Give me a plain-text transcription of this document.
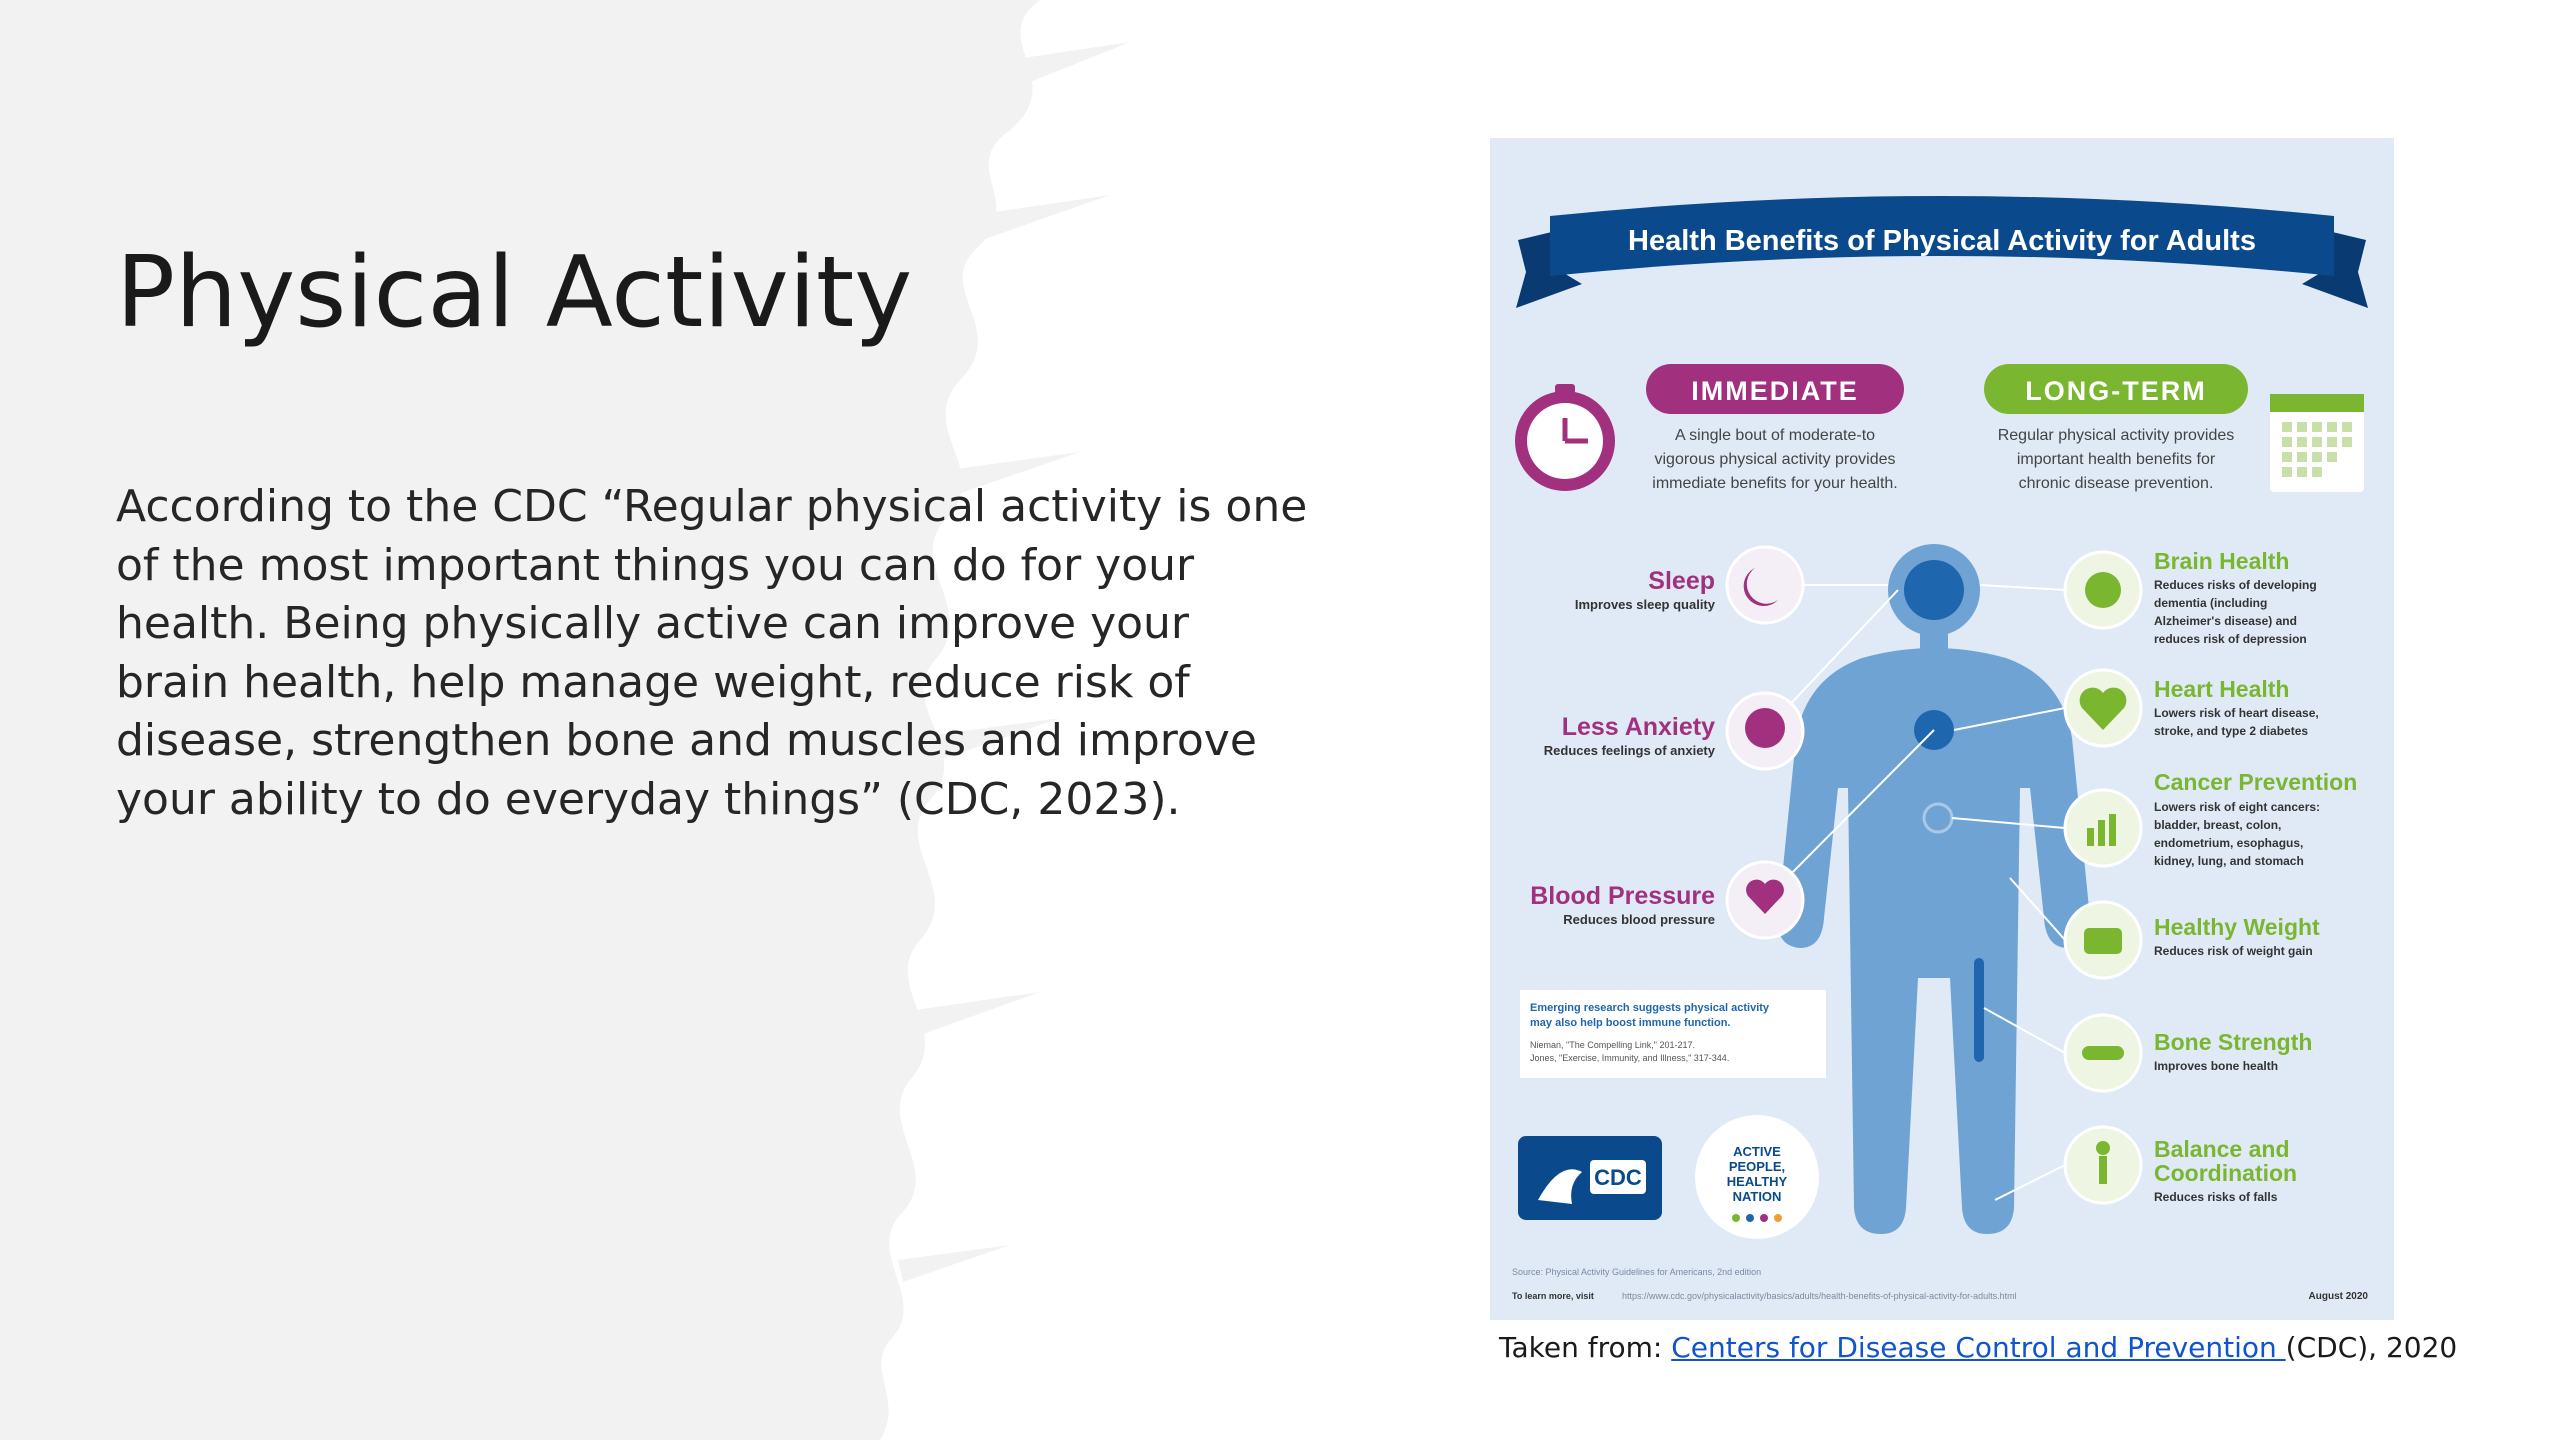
Physical Activity

According to the CDC “Regular physical activity is one of the most important things you can do for your health. Being physically active can improve your brain health, help manage weight, reduce risk of disease, strengthen bone and muscles and improve your ability to do everyday things” (CDC, 2023).

Health Benefits of Physical Activity for Adults
IMMEDIATE
A single bout of moderate-to
vigorous physical activity provides
immediate benefits for your health.
LONG-TERM
Regular physical activity provides
important health benefits for
chronic disease prevention.
Sleep
Improves sleep quality
Less Anxiety
Reduces feelings of anxiety
Blood Pressure
Reduces blood pressure
Brain Health
Reduces risks of developing
dementia (including
Alzheimer's disease) and
reduces risk of depression
Heart Health
Lowers risk of heart disease,
stroke, and type 2 diabetes
Cancer Prevention
Lowers risk of eight cancers:
bladder, breast, colon,
endometrium, esophagus,
kidney, lung, and stomach
Healthy Weight
Reduces risk of weight gain
Bone Strength
Improves bone health
Balance and
Coordination
Reduces risks of falls
Emerging research suggests physical activity
may also help boost immune function.
Nieman, "The Compelling Link," 201-217.
Jones, "Exercise, Immunity, and Illness," 317-344.
CDC
ACTIVE
PEOPLE,
HEALTHY
NATION
Source: Physical Activity Guidelines for Americans, 2nd edition
To learn more, visit	https://www.cdc.gov/physicalactivity/basics/adults/health-benefits-of-physical-activity-for-adults.html	August 2020

Taken from: Centers for Disease Control and Prevention (CDC), 2020
